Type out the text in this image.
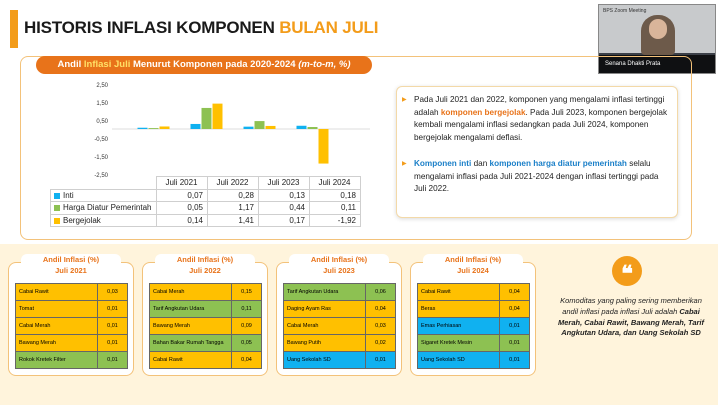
HISTORIS INFLASI KOMPONEN BULAN JULI
BPS Zoom Meeting
Senana Dhakti Prata
Andil Inflasi Juli Menurut Komponen pada 2020-2024 (m-to-m, %)
2,50
1,50
0,50
-0,50
-1,50
-2,50
	Juli 2021	Juli 2022	Juli 2023	Juli 2024
Inti	0,07	0,28	0,13	0,18
Harga Diatur Pemerintah	0,05	1,17	0,44	0,11
Bergejolak	0,14	1,41	0,17	-1,92
▶ Pada Juli 2021 dan 2022, komponen yang mengalami inflasi tertinggi adalah komponen bergejolak. Pada Juli 2023, komponen bergejolak kembali mengalami inflasi sedangkan pada Juli 2024, komponen bergejolak mengalami deflasi.
▶ Komponen inti dan komponen harga diatur pemerintah selalu mengalami inflasi pada Juli 2021-2024 dengan inflasi tertinggi pada Juli 2022.
Cabai Rawit	0,03
Tomat	0,01
Cabai Merah	0,01
Bawang Merah	0,01
Rokok Kretek Filter	0,01
Andil Inflasi (%)
Juli 2021
Cabai Merah	0,15
Tarif Angkutan Udara	0,11
Bawang Merah	0,09
Bahan Bakar Rumah Tangga	0,05
Cabai Rawit	0,04
Andil Inflasi (%)
Juli 2022
Tarif Angkutan Udara	0,06
Daging Ayam Ras	0,04
Cabai Merah	0,03
Bawang Putih	0,02
Uang Sekolah SD	0,01
Andil Inflasi (%)
Juli 2023
Cabai Rawit	0,04
Beras	0,04
Emas Perhiasan	0,01
Sigaret Kretek Mesin	0,01
Uang Sekolah SD	0,01
Andil Inflasi (%)
Juli 2024	❝
Komoditas yang paling sering memberikan andil inflasi pada inflasi Juli adalah Cabai Merah, Cabai Rawit, Bawang Merah, Tarif Angkutan Udara, dan Uang Sekolah SD
